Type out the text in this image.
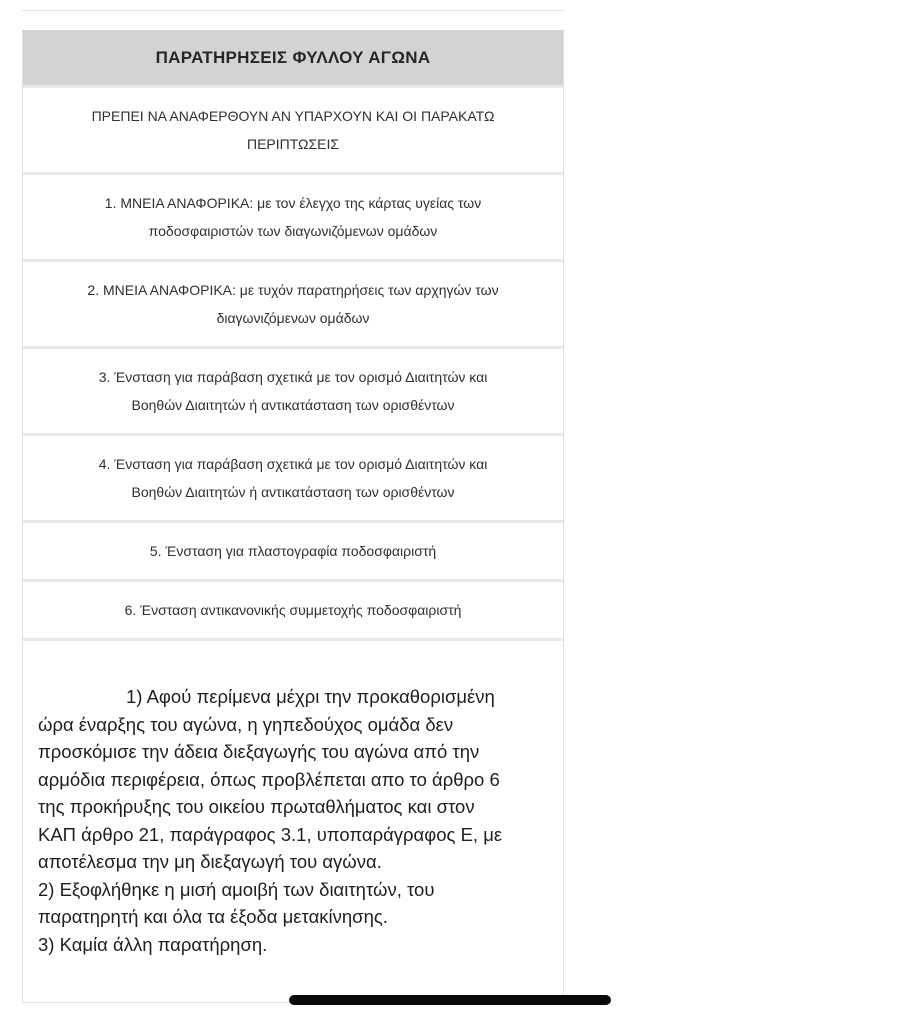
ΠΑΡΑΤΗΡΗΣΕΙΣ ΦΥΛΛΟΥ ΑΓΩΝΑ
ΠΡΕΠΕΙ ΝΑ ΑΝΑΦΕΡΘΟΥΝ ΑΝ ΥΠΑΡΧΟΥΝ ΚΑΙ ΟΙ ΠΑΡΑΚΑΤΩ
ΠΕΡΙΠΤΩΣΕΙΣ
1. ΜΝΕΙΑ ΑΝΑΦΟΡΙΚΑ: με τον έλεγχο της κάρτας υγείας των
ποδοσφαιριστών των διαγωνιζόμενων ομάδων
2. ΜΝΕΙΑ ΑΝΑΦΟΡΙΚΑ: με τυχόν παρατηρήσεις των αρχηγών των
διαγωνιζόμενων ομάδων
3. Ένσταση για παράβαση σχετικά με τον ορισμό Διαιτητών και
Βοηθών Διαιτητών ή αντικατάσταση των ορισθέντων
4. Ένσταση για παράβαση σχετικά με τον ορισμό Διαιτητών και
Βοηθών Διαιτητών ή αντικατάσταση των ορισθέντων
5. Ένσταση για πλαστογραφία ποδοσφαιριστή
6. Ένσταση αντικανονικής συμμετοχής ποδοσφαιριστή
1) Αφού περίμενα μέχρι την προκαθορισμένη
ώρα έναρξης του αγώνα, η γηπεδούχος ομάδα δεν
προσκόμισε την άδεια διεξαγωγής του αγώνα από την
αρμόδια περιφέρεια, όπως προβλέπεται απο το άρθρο 6
της προκήρυξης του οικείου πρωταθλήματος και στον
ΚΑΠ άρθρο 21, παράγραφος 3.1, υποπαράγραφος Ε, με
αποτέλεσμα την μη διεξαγωγή του αγώνα.
2) Εξοφλήθηκε η μισή αμοιβή των διαιτητών, του
παρατηρητή και όλα τα έξοδα μετακίνησης.
3) Καμία άλλη παρατήρηση.
